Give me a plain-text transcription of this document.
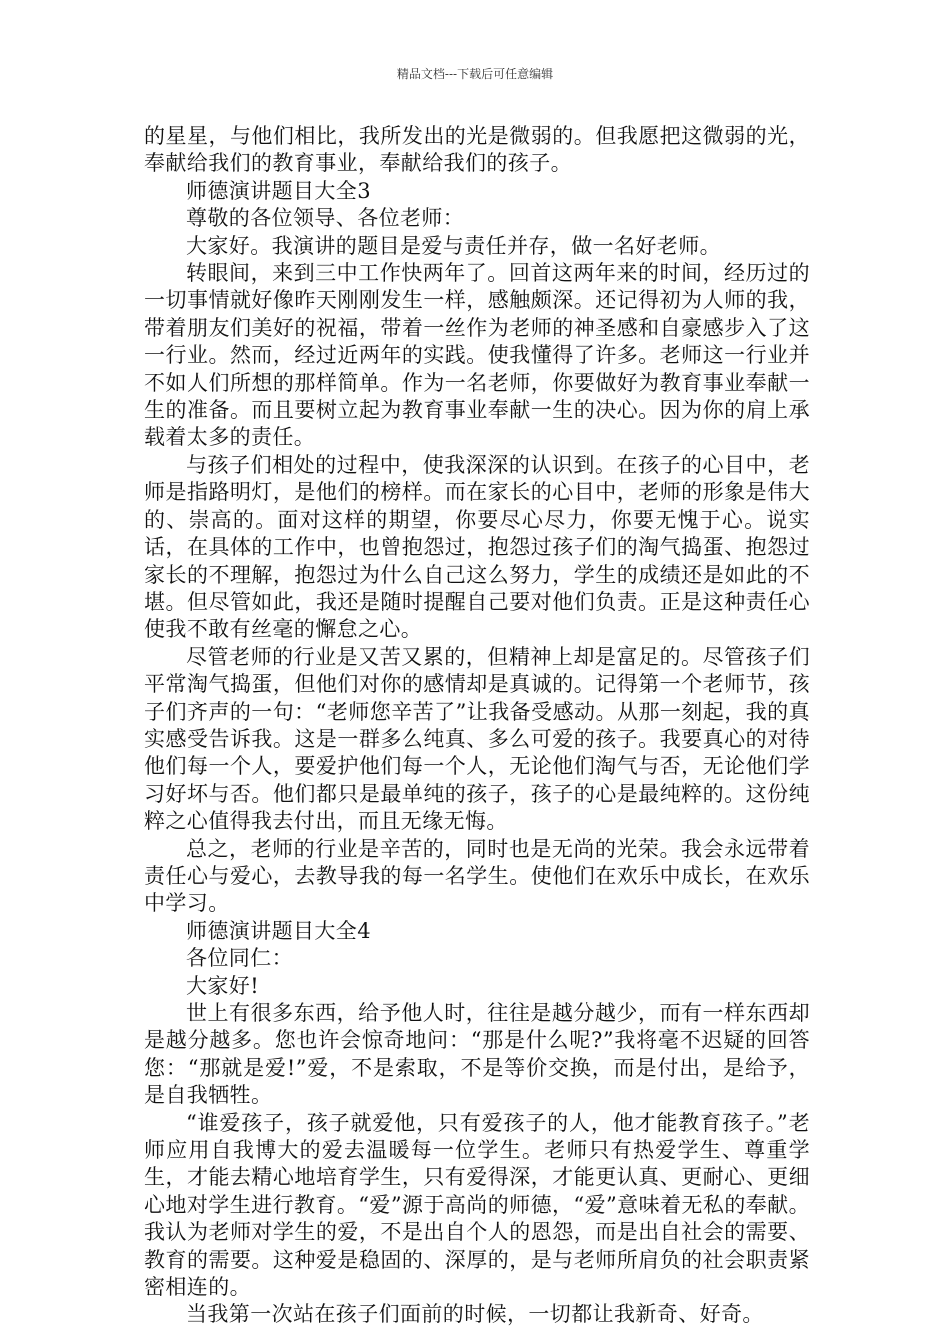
精品文档---下载后可任意编辑

的星星，与他们相比，我所发出的光是微弱的。但我愿把这微弱的光，奉献给我们的教育事业，奉献给我们的孩子。

师德演讲题目大全3

尊敬的各位领导、各位老师：

大家好。我演讲的题目是爱与责任并存，做一名好老师。

转眼间，来到三中工作快两年了。回首这两年来的时间，经历过的一切事情就好像昨天刚刚发生一样，感触颇深。还记得初为人师的我，带着朋友们美好的祝福，带着一丝作为老师的神圣感和自豪感步入了这一行业。然而，经过近两年的实践。使我懂得了许多。老师这一行业并不如人们所想的那样简单。作为一名老师，你要做好为教育事业奉献一生的准备。而且要树立起为教育事业奉献一生的决心。因为你的肩上承载着太多的责任。

与孩子们相处的过程中，使我深深的认识到。在孩子的心目中，老师是指路明灯，是他们的榜样。而在家长的心目中，老师的形象是伟大的、崇高的。面对这样的期望，你要尽心尽力，你要无愧于心。说实话，在具体的工作中，也曾抱怨过，抱怨过孩子们的淘气捣蛋、抱怨过家长的不理解，抱怨过为什么自己这么努力，学生的成绩还是如此的不堪。但尽管如此，我还是随时提醒自己要对他们负责。正是这种责任心使我不敢有丝毫的懈怠之心。

尽管老师的行业是又苦又累的，但精神上却是富足的。尽管孩子们平常淘气捣蛋，但他们对你的感情却是真诚的。记得第一个老师节，孩子们齐声的一句：“老师您辛苦了”让我备受感动。从那一刻起，我的真实感受告诉我。这是一群多么纯真、多么可爱的孩子。我要真心的对待他们每一个人，要爱护他们每一个人，无论他们淘气与否，无论他们学习好坏与否。他们都只是最单纯的孩子，孩子的心是最纯粹的。这份纯粹之心值得我去付出，而且无缘无悔。

总之，老师的行业是辛苦的，同时也是无尚的光荣。我会永远带着责任心与爱心，去教导我的每一名学生。使他们在欢乐中成长，在欢乐中学习。

师德演讲题目大全4

各位同仁：

大家好!

世上有很多东西，给予他人时，往往是越分越少，而有一样东西却是越分越多。您也许会惊奇地问：“那是什么呢?”我将毫不迟疑的回答您：“那就是爱!”爱，不是索取，不是等价交换，而是付出，是给予，是自我牺牲。

“谁爱孩子，孩子就爱他，只有爱孩子的人，他才能教育孩子。”老师应用自我博大的爱去温暖每一位学生。老师只有热爱学生、尊重学生，才能去精心地培育学生，只有爱得深，才能更认真、更耐心、更细心地对学生进行教育。“爱”源于高尚的师德，“爱”意味着无私的奉献。我认为老师对学生的爱，不是出自个人的恩怨，而是出自社会的需要、教育的需要。这种爱是稳固的、深厚的，是与老师所肩负的社会职责紧密相连的。

当我第一次站在孩子们面前的时候，一切都让我新奇、好奇。
